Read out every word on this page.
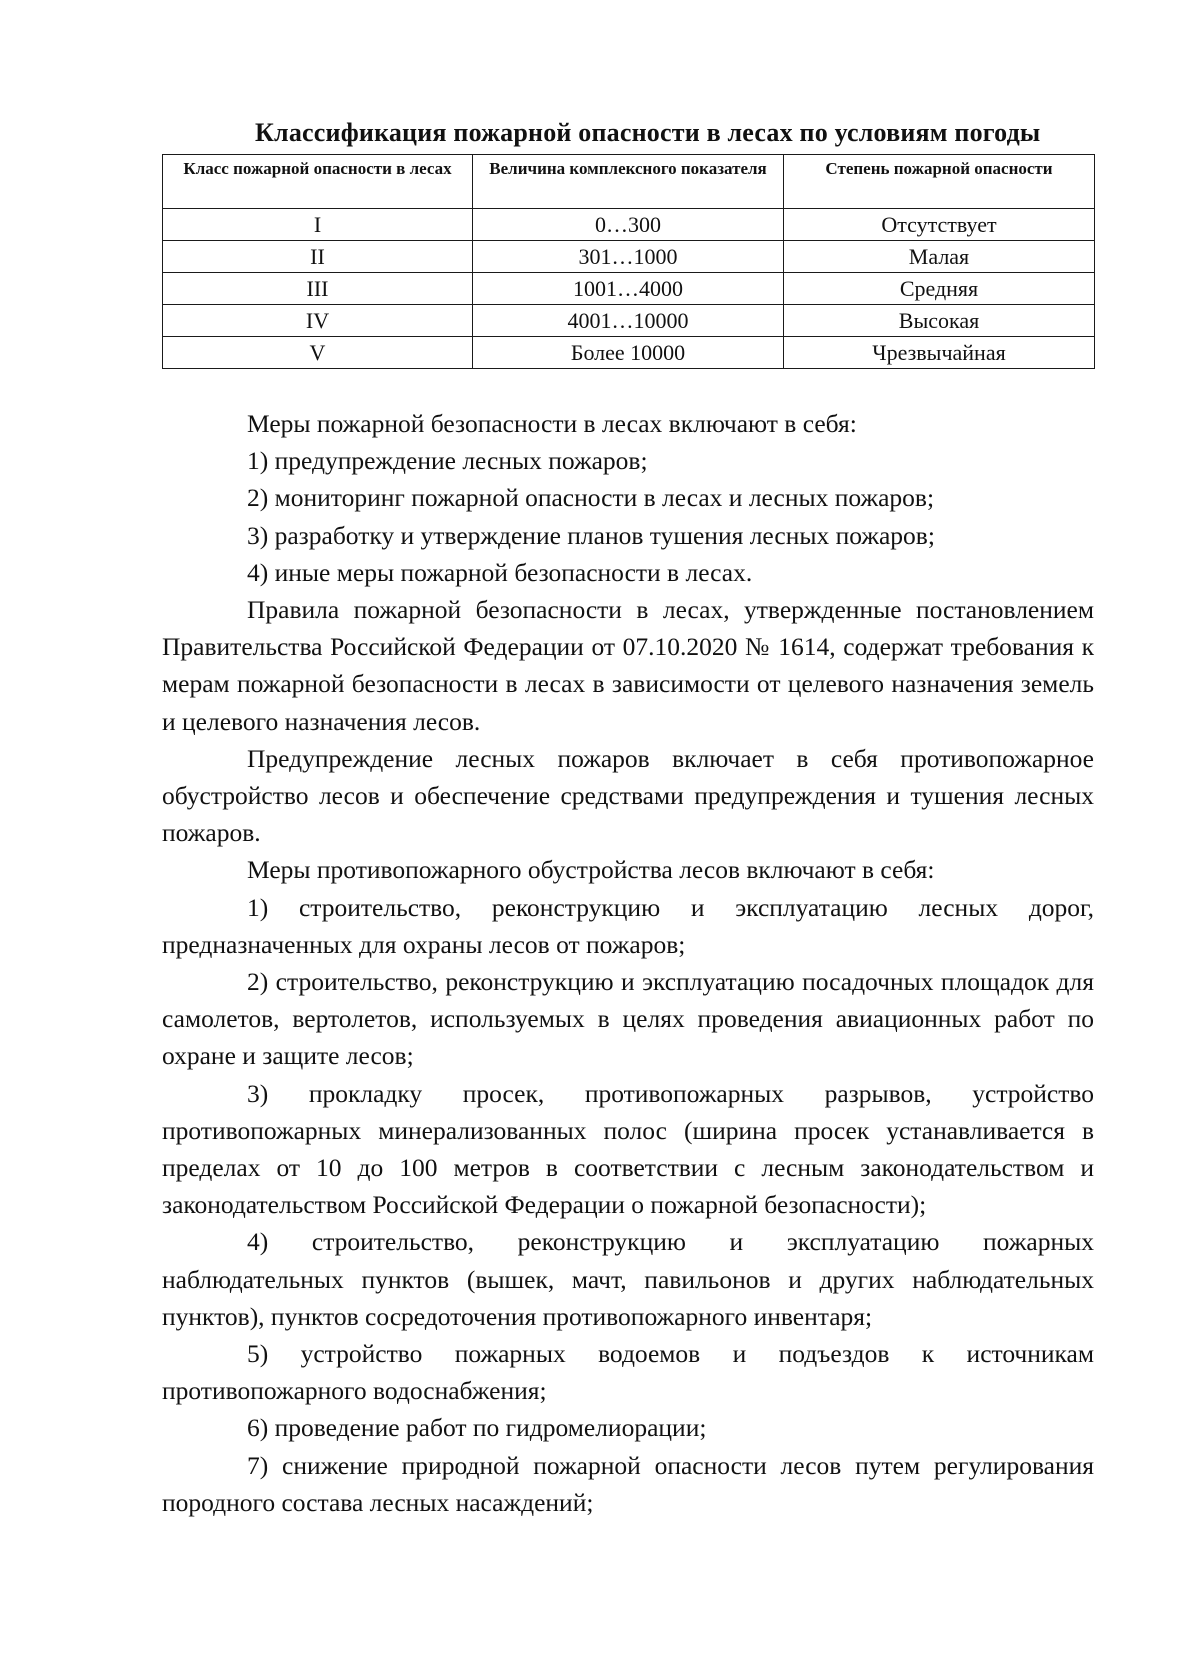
Классификация пожарной опасности в лесах по условиям погоды
Класс пожарной опасности в лесах	Величина комплексного показателя	Степень пожарной опасности
I	0…300	Отсутствует
II	301…1000	Малая
III	1001…4000	Средняя
IV	4001…10000	Высокая
V	Более 10000	Чрезвычайная

Меры пожарной безопасности в лесах включают в себя:

1) предупреждение лесных пожаров;

2) мониторинг пожарной опасности в лесах и лесных пожаров;

3) разработку и утверждение планов тушения лесных пожаров;

4) иные меры пожарной безопасности в лесах.

Правила пожарной безопасности в лесах, утвержденные постановлением Правительства Российской Федерации от 07.10.2020 № 1614, содержат требования к мерам пожарной безопасности в лесах в зависимости от целевого назначения земель и целевого назначения лесов.

Предупреждение лесных пожаров включает в себя противопожарное обустройство лесов и обеспечение средствами предупреждения и тушения лесных пожаров.

Меры противопожарного обустройства лесов включают в себя:

1) строительство, реконструкцию и эксплуатацию лесных дорог, предназначенных для охраны лесов от пожаров;

2) строительство, реконструкцию и эксплуатацию посадочных площадок для самолетов, вертолетов, используемых в целях проведения авиационных работ по охране и защите лесов;

3) прокладку просек, противопожарных разрывов, устройство противопожарных минерализованных полос (ширина просек устанавливается в пределах от 10 до 100 метров в соответствии с лесным законодательством и законодательством Российской Федерации о пожарной безопасности);

4) строительство, реконструкцию и эксплуатацию пожарных наблюдательных пунктов (вышек, мачт, павильонов и других наблюдательных пунктов), пунктов сосредоточения противопожарного инвентаря;

5) устройство пожарных водоемов и подъездов к источникам противопожарного водоснабжения;

6) проведение работ по гидромелиорации;

7) снижение природной пожарной опасности лесов путем регулирования породного состава лесных насаждений;
